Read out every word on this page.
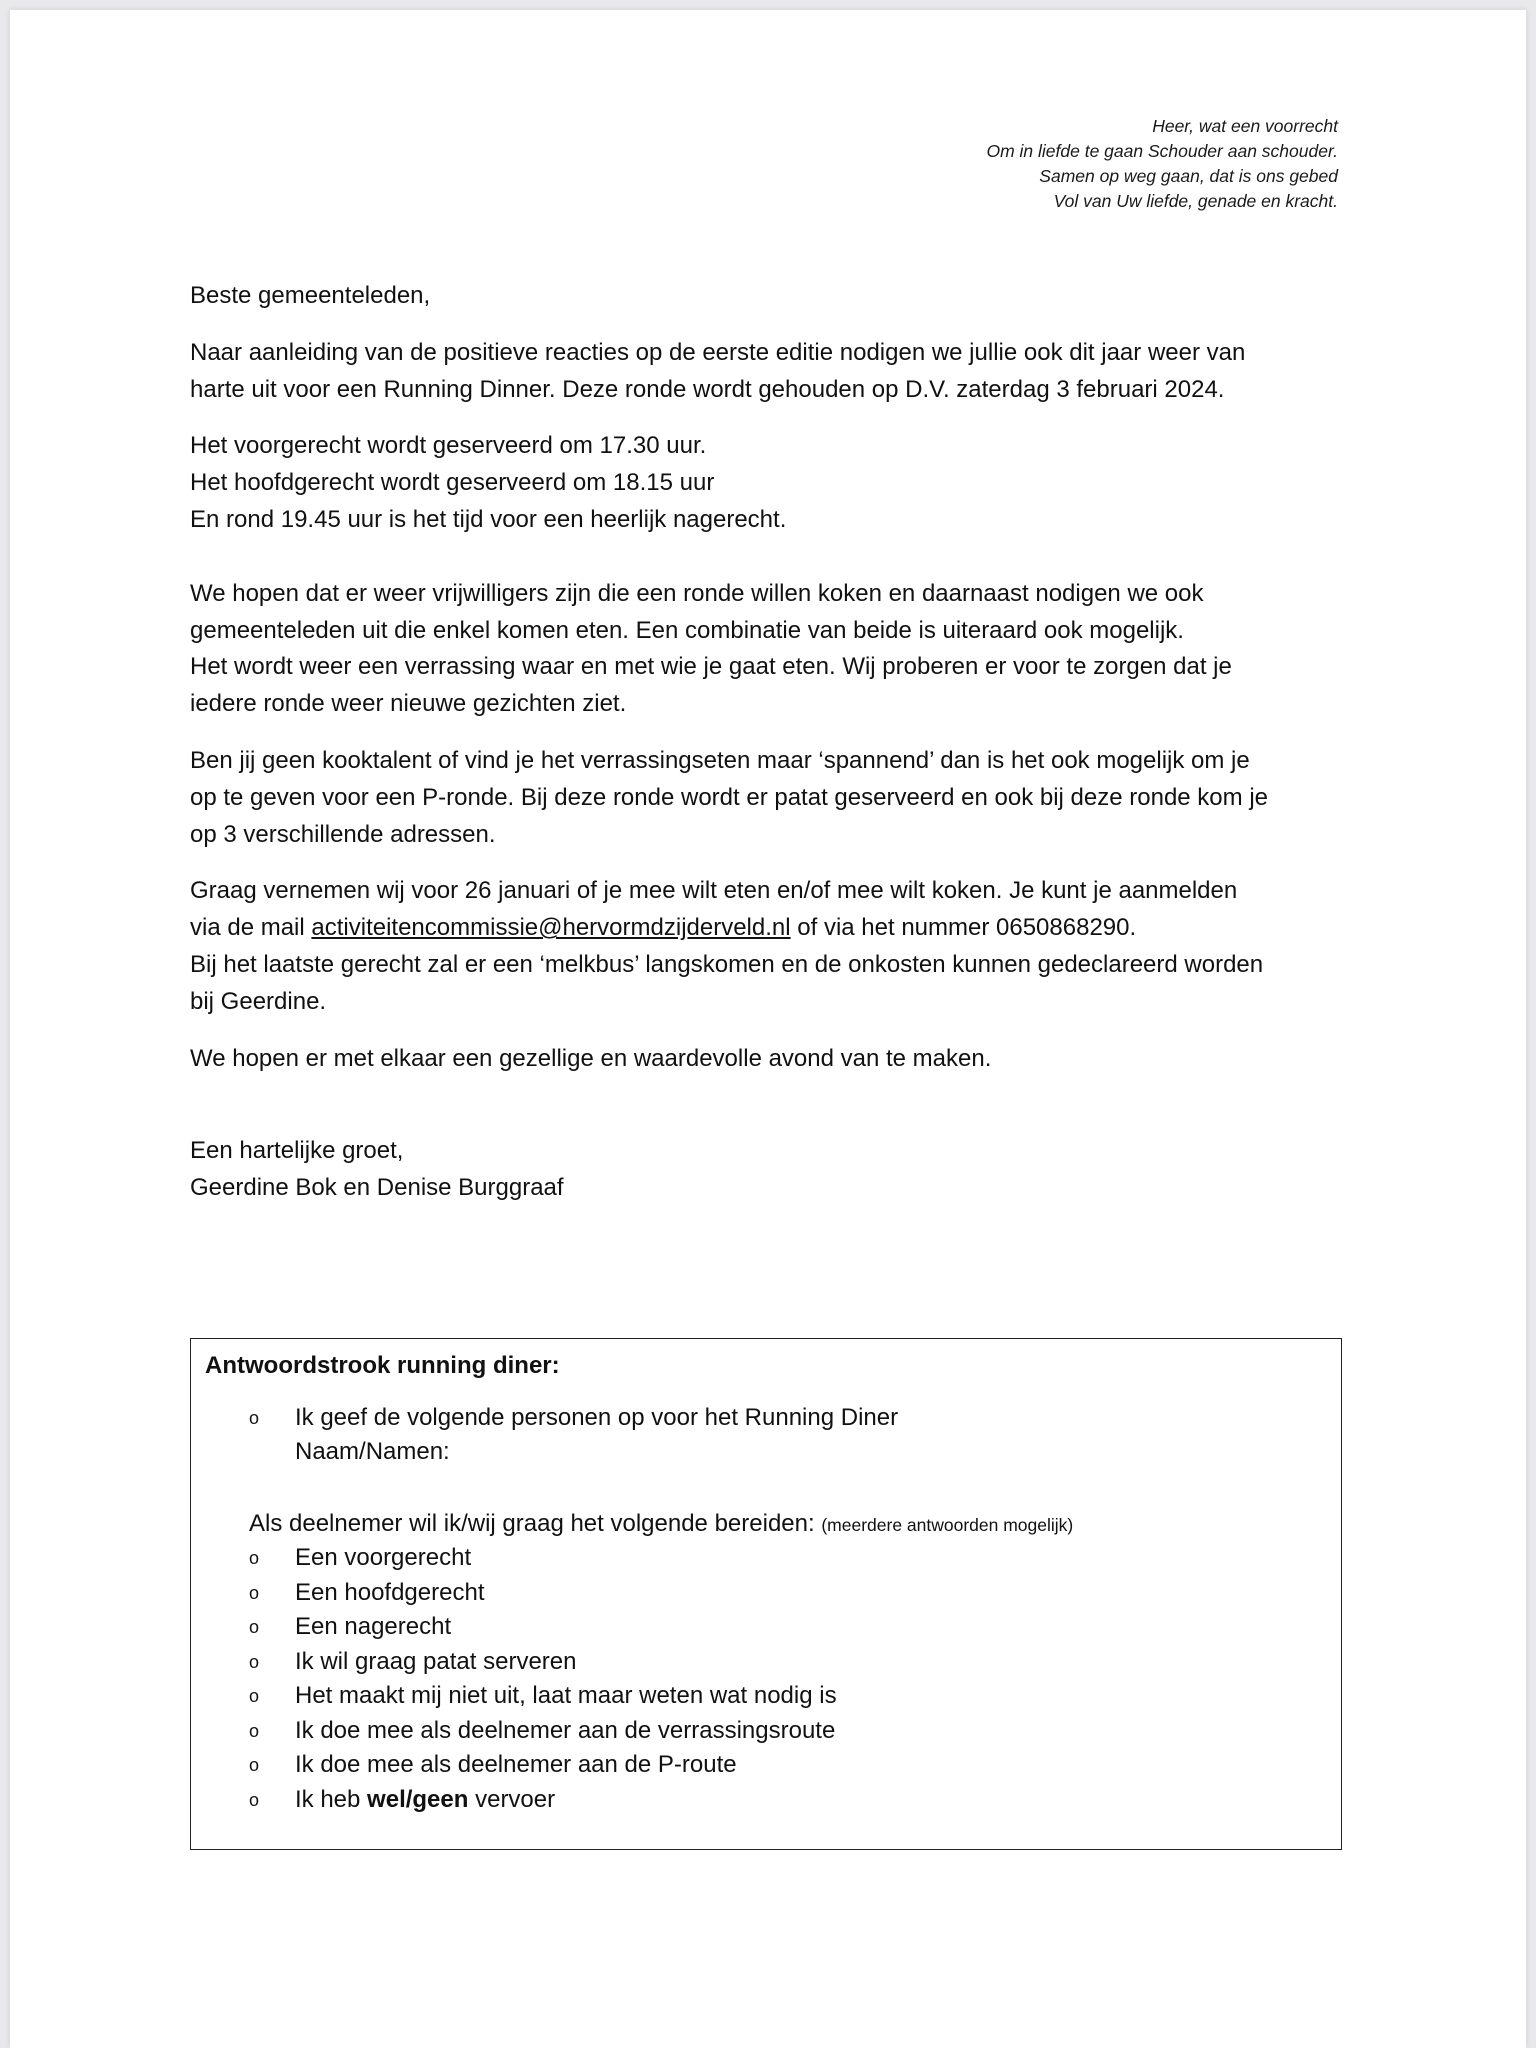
Heer, wat een voorrecht
Om in liefde te gaan Schouder aan schouder.
Samen op weg gaan, dat is ons gebed
Vol van Uw liefde, genade en kracht.

Beste gemeenteleden,

Naar aanleiding van de positieve reacties op de eerste editie nodigen we jullie ook dit jaar weer van

harte uit voor een Running Dinner. Deze ronde wordt gehouden op D.V. zaterdag 3 februari 2024.

Het voorgerecht wordt geserveerd om 17.30 uur.

Het hoofdgerecht wordt geserveerd om 18.15 uur

En rond 19.45 uur is het tijd voor een heerlijk nagerecht.

We hopen dat er weer vrijwilligers zijn die een ronde willen koken en daarnaast nodigen we ook

gemeenteleden uit die enkel komen eten. Een combinatie van beide is uiteraard ook mogelijk.

Het wordt weer een verrassing waar en met wie je gaat eten. Wij proberen er voor te zorgen dat je

iedere ronde weer nieuwe gezichten ziet.

Ben jij geen kooktalent of vind je het verrassingseten maar ‘spannend’ dan is het ook mogelijk om je

op te geven voor een P-ronde. Bij deze ronde wordt er patat geserveerd en ook bij deze ronde kom je

op 3 verschillende adressen.

Graag vernemen wij voor 26 januari of je mee wilt eten en/of mee wilt koken. Je kunt je aanmelden

via de mail activiteitencommissie@hervormdzijderveld.nl of via het nummer 0650868290.

Bij het laatste gerecht zal er een ‘melkbus’ langskomen en de onkosten kunnen gedeclareerd worden

bij Geerdine.

We hopen er met elkaar een gezellige en waardevolle avond van te maken.

Een hartelijke groet,

Geerdine Bok en Denise Burggraaf

Antwoordstrook running diner:
o Ik geef de volgende personen op voor het Running Diner
Naam/Namen:
Als deelnemer wil ik/wij graag het volgende bereiden: (meerdere antwoorden mogelijk)
o Een voorgerecht
o Een hoofdgerecht
o Een nagerecht
o Ik wil graag patat serveren
o Het maakt mij niet uit, laat maar weten wat nodig is
o Ik doe mee als deelnemer aan de verrassingsroute
o Ik doe mee als deelnemer aan de P-route
o Ik heb wel/geen vervoer
